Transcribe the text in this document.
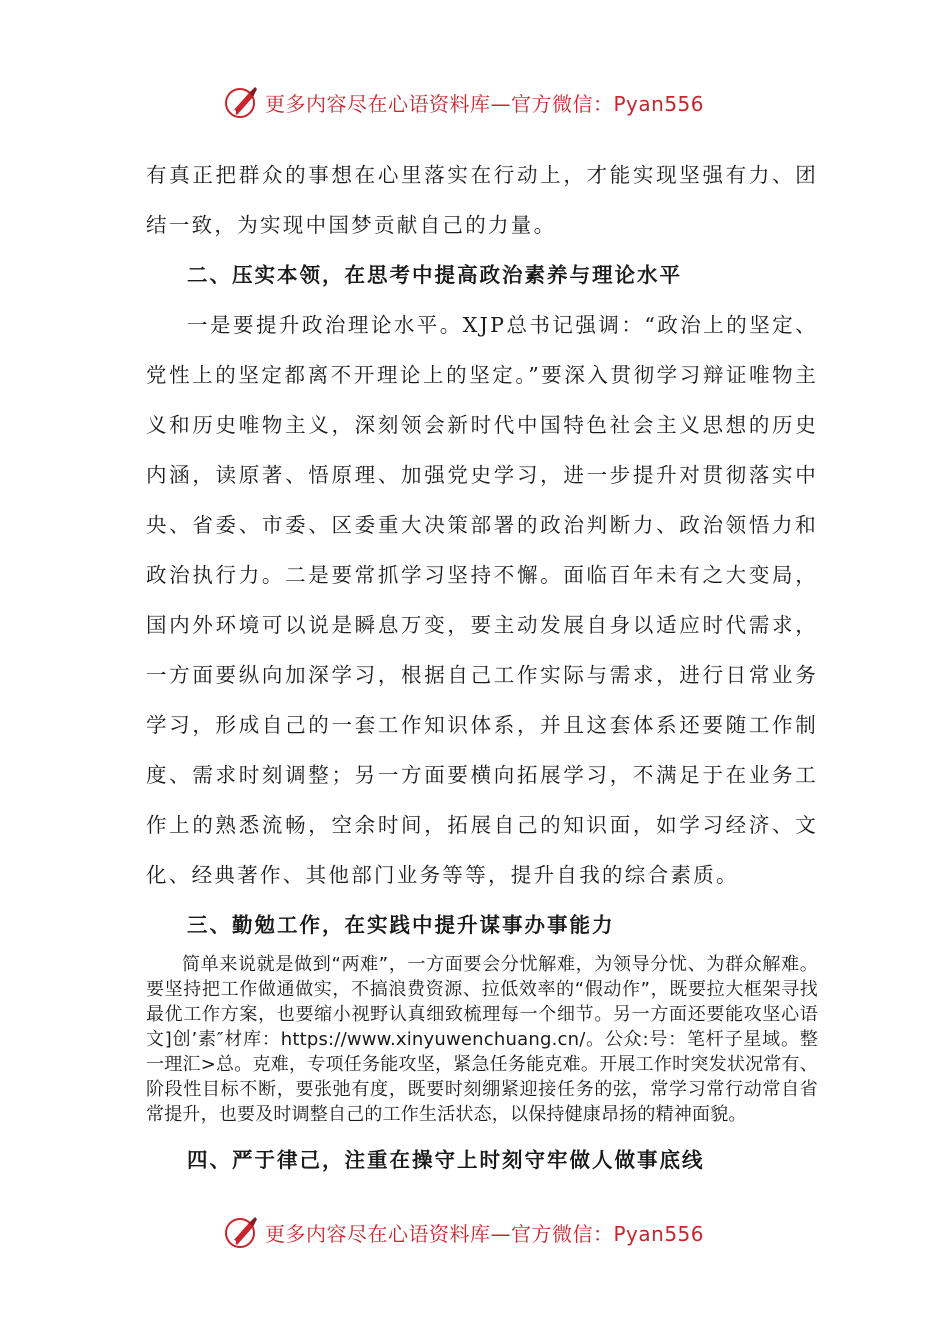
更多内容尽在心语资料库—官方微信：Pyan556

有真正把群众的事想在心里落实在行动上，才能实现坚强有力、团结一致，为实现中国梦贡献自己的力量。

二、压实本领，在思考中提高政治素养与理论水平

一是要提升政治理论水平。XJP总书记强调：“政治上的坚定、党性上的坚定都离不开理论上的坚定。”要深入贯彻学习辩证唯物主义和历史唯物主义，深刻领会新时代中国特色社会主义思想的历史内涵，读原著、悟原理、加强党史学习，进一步提升对贯彻落实中央、省委、市委、区委重大决策部署的政治判断力、政治领悟力和政治执行力。二是要常抓学习坚持不懈。面临百年未有之大变局，国内外环境可以说是瞬息万变，要主动发展自身以适应时代需求，一方面要纵向加深学习，根据自己工作实际与需求，进行日常业务学习，形成自己的一套工作知识体系，并且这套体系还要随工作制度、需求时刻调整；另一方面要横向拓展学习，不满足于在业务工作上的熟悉流畅，空余时间，拓展自己的知识面，如学习经济、文化、经典著作、其他部门业务等等，提升自我的综合素质。

三、勤勉工作，在实践中提升谋事办事能力

简单来说就是做到“两难”，一方面要会分忧解难，为领导分忧、为群众解难。要坚持把工作做通做实，不搞浪费资源、拉低效率的“假动作”，既要拉大框架寻找最优工作方案，也要缩小视野认真细致梳理每一个细节。另一方面还要能攻坚心语文]创’素″材库：https://www.xinyuwenchuang.cn/。公众:号：笔杆子星域。整一理汇>总。克难，专项任务能攻坚，紧急任务能克难。开展工作时突发状况常有、阶段性目标不断，要张弛有度，既要时刻绷紧迎接任务的弦，常学习常行动常自省常提升，也要及时调整自己的工作生活状态，以保持健康昂扬的精神面貌。

四、严于律己，注重在操守上时刻守牢做人做事底线

更多内容尽在心语资料库—官方微信：Pyan556
